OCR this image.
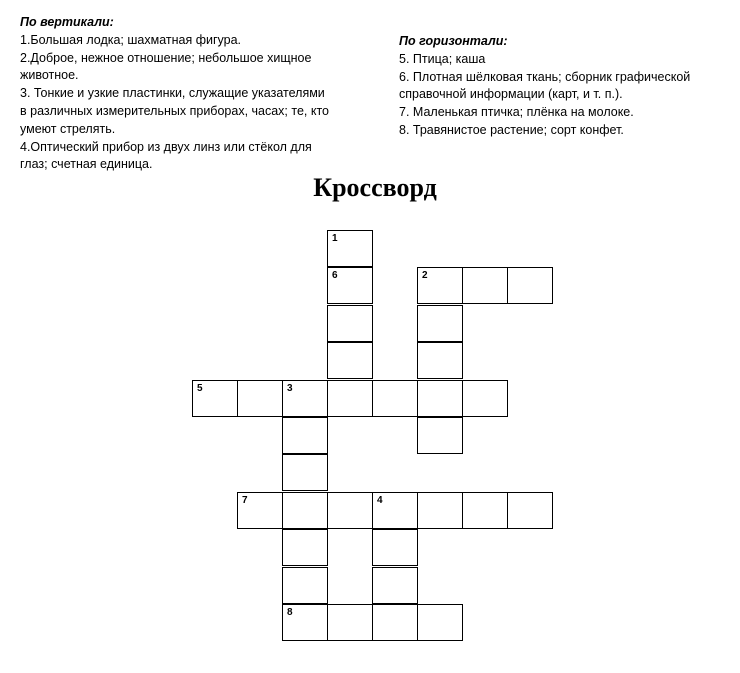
По вертикали:
1.Большая лодка; шахматная фигура.
2.Доброе, нежное отношение; небольшое хищное
животное.
3. Тонкие и узкие пластинки, служащие указателями
в различных измерительных приборах, часах; те, кто
умеют стрелять.
4.Оптический прибор из двух линз или стёкол для
глаз; счетная единица.
По горизонтали:
5. Птица; каша
6. Плотная шёлковая ткань; сборник графической
справочной информации (карт, и т. п.).
7. Маленькая птичка; плёнка на молоке.
8. Травянистое растение; сорт конфет.
Кроссворд
1
6	2
5	3
7	4
8
